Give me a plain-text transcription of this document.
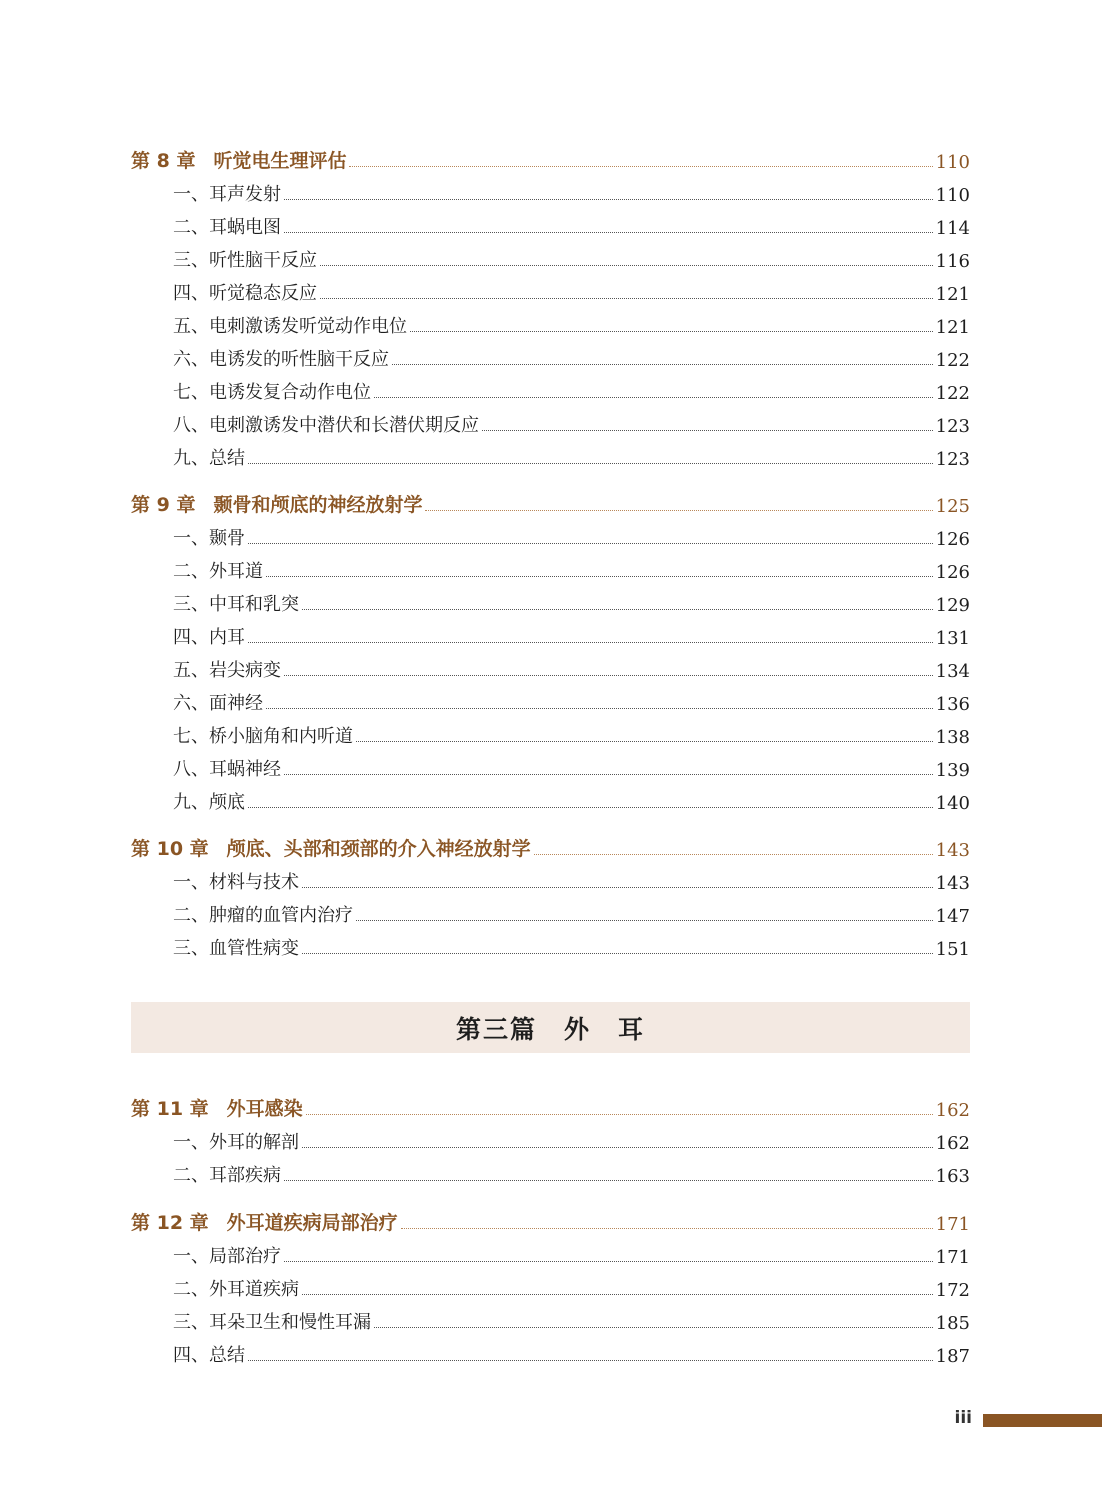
第 8 章 听觉电生理评估	110
一、耳声发射	110
二、耳蜗电图	114
三、听性脑干反应	116
四、听觉稳态反应	121
五、电刺激诱发听觉动作电位	121
六、电诱发的听性脑干反应	122
七、电诱发复合动作电位	122
八、电刺激诱发中潜伏和长潜伏期反应	123
九、总结	123
第 9 章 颞骨和颅底的神经放射学	125
一、颞骨	126
二、外耳道	126
三、中耳和乳突	129
四、内耳	131
五、岩尖病变	134
六、面神经	136
七、桥小脑角和内听道	138
八、耳蜗神经	139
九、颅底	140
第 10 章 颅底、头部和颈部的介入神经放射学	143
一、材料与技术	143
二、肿瘤的血管内治疗	147
三、血管性病变	151
第 11 章 外耳感染	162
一、外耳的解剖	162
二、耳部疾病	163
第 12 章 外耳道疾病局部治疗	171
一、局部治疗	171
二、外耳道疾病	172
三、耳朵卫生和慢性耳漏	185
四、总结	187
第三篇　外　耳
iii
